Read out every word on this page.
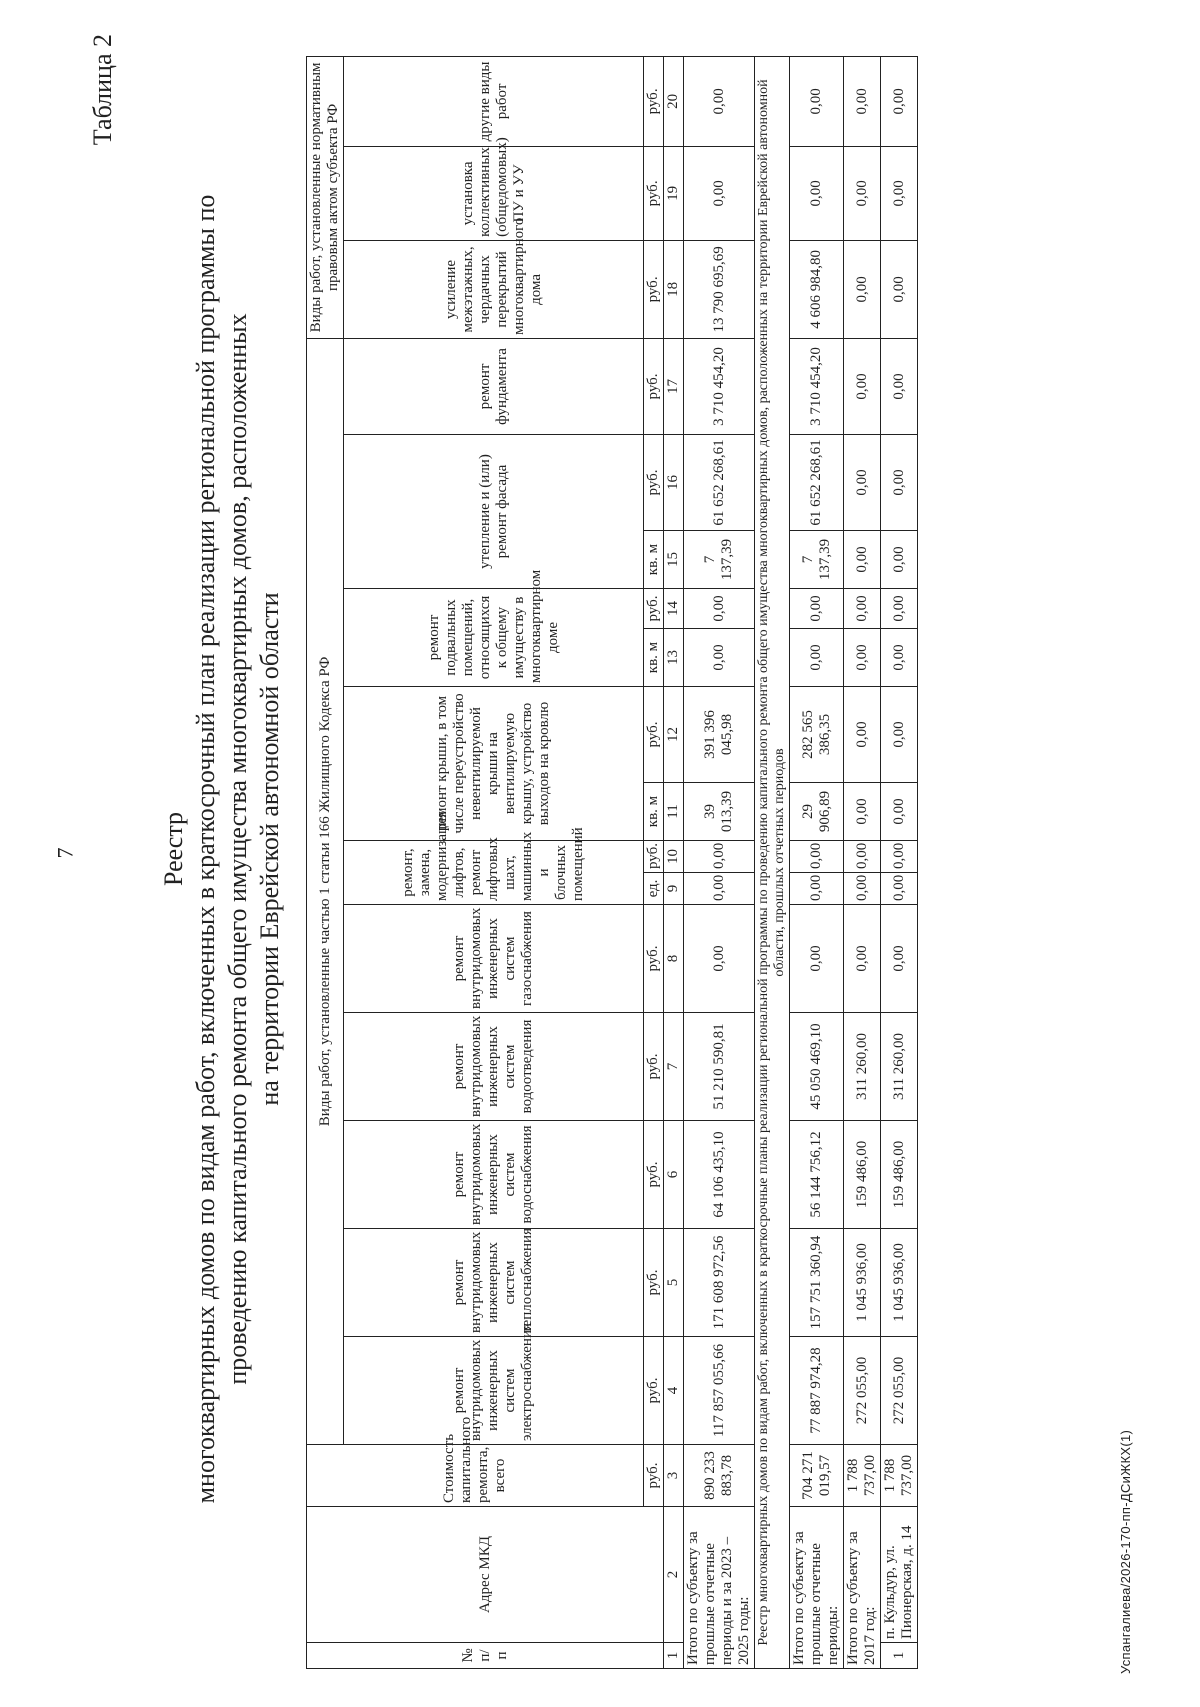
7
Таблица 2
Реестр многоквартирных домов по видам работ, включенных в краткосрочный план реализации региональной программы по проведению капитального ремонта общего имущества многоквартирных домов, расположенных на территории Еврейской автономной области
№ п/п	Адрес МКД	Стоимость капитального ремонта, всего	Виды работ, установленные частью 1 статьи 166 Жилищного Кодекса РФ														Виды работ, установленные нормативным правовым актом субъекта РФ		
			ремонт внутридомовых инженерных систем электроснабжения	ремонт внутридомовых инженерных систем теплоснабжения	ремонт внутридомовых инженерных систем водоснабжения	ремонт внутридомовых инженерных систем водоотведения	ремонт внутридомовых инженерных систем газоснабжения	ремонт, замена, модернизация лифтов, ремонт лифтовых шахт, машинных и блочных помещений		ремонт крыши, в том числе переустройство невентилируемой крыши на вентилируемую крышу, устройство выходов на кровлю		ремонт подвальных помещений, относящихся к общему имуществу в многоквартирном доме		утепление и (или) ремонт фасада		ремонт фундамента	усиление межэтажных, чердачных перекрытий многоквартирного дома	установка коллективных (общедомовых) ПУ и УУ	другие виды работ
		руб.	руб.	руб.	руб.	руб.	руб.	ед.	руб.	кв. м	руб.	кв. м	руб.	кв. м	руб.	руб.	руб.	руб.	руб.
1	2	3	4	5	6	7	8	9	10	11	12	13	14	15	16	17	18	19	20
Итого по субъекту за прошлые отчетные периоды и за 2023 – 2025 годы:		890 233 883,78	117 857 055,66	171 608 972,56	64 106 435,10	51 210 590,81	0,00	0,00	0,00	39 013,39	391 396 045,98	0,00	0,00	7 137,39	61 652 268,61	3 710 454,20	13 790 695,69	0,00	0,00
Реестр многоквартирных домов по видам работ, включенных в краткосрочные планы реализации региональной программы по проведению капитального ремонта общего имущества многоквартирных домов, расположенных на территории Еврейской автономной области, прошлых отчетных периодов																			
Итого по субъекту за прошлые отчетные периоды:		704 271 019,57	77 887 974,28	157 751 360,94	56 144 756,12	45 050 469,10	0,00	0,00	0,00	29 906,89	282 565 386,35	0,00	0,00	7 137,39	61 652 268,61	3 710 454,20	4 606 984,80	0,00	0,00
Итого по субъекту за 2017 год:		1 788 737,00	272 055,00	1 045 936,00	159 486,00	311 260,00	0,00	0,00	0,00	0,00	0,00	0,00	0,00	0,00	0,00	0,00	0,00	0,00	0,00
1	п. Кульдур, ул. Пионерская, д. 14	1 788 737,00	272 055,00	1 045 936,00	159 486,00	311 260,00	0,00	0,00	0,00	0,00	0,00	0,00	0,00	0,00	0,00	0,00	0,00	0,00	0,00
Успангалиева/2026-170-пп-ДСиЖКХ(1)
